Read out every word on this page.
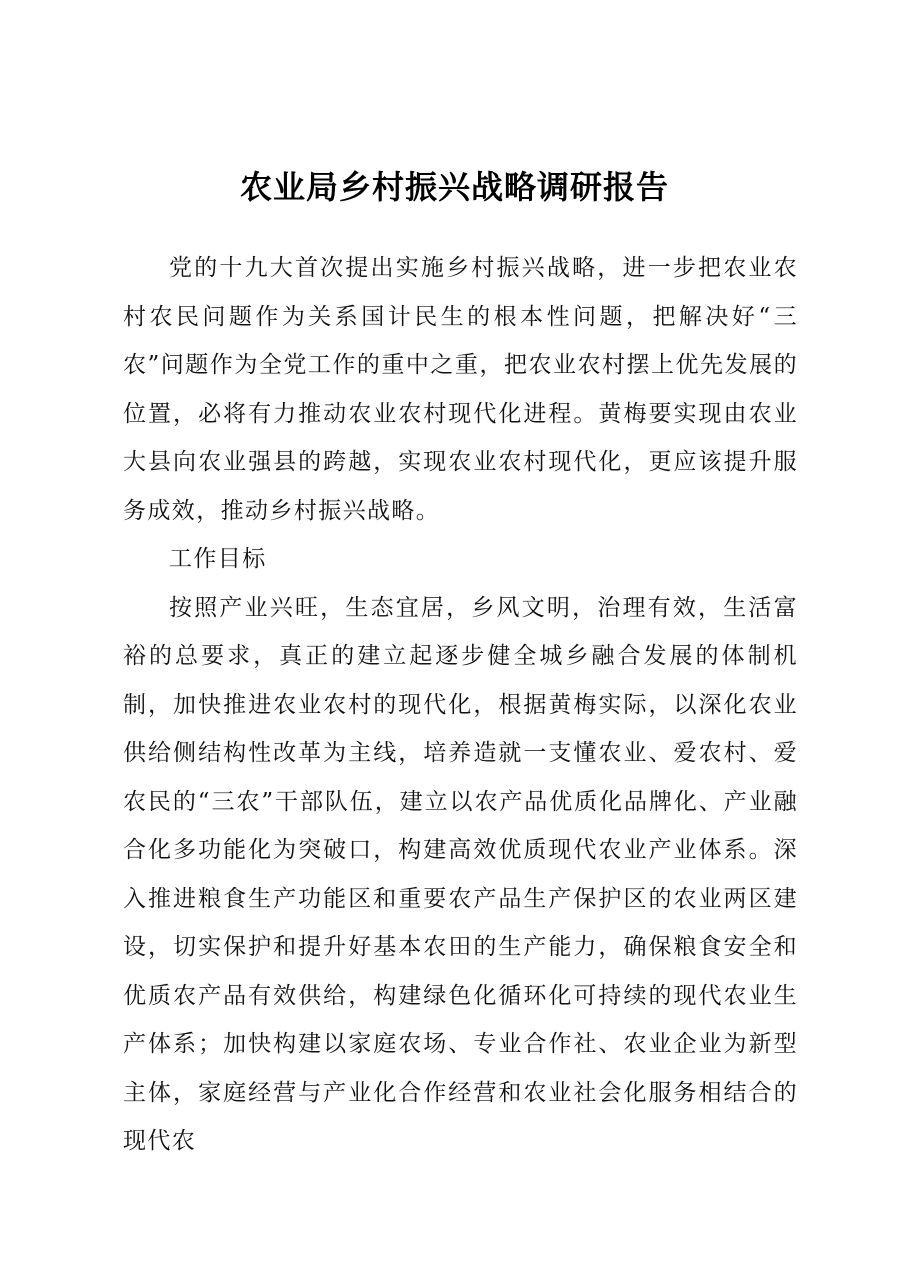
农业局乡村振兴战略调研报告

党的十九大首次提出实施乡村振兴战略，进一步把农业农村农民问题作为关系国计民生的根本性问题，把解决好“三农”问题作为全党工作的重中之重，把农业农村摆上优先发展的位置，必将有力推动农业农村现代化进程。黄梅要实现由农业大县向农业强县的跨越，实现农业农村现代化，更应该提升服务成效，推动乡村振兴战略。

工作目标

按照产业兴旺，生态宜居，乡风文明，治理有效，生活富裕的总要求，真正的建立起逐步健全城乡融合发展的体制机制，加快推进农业农村的现代化，根据黄梅实际，以深化农业供给侧结构性改革为主线，培养造就一支懂农业、爱农村、爱农民的“三农”干部队伍，建立以农产品优质化品牌化、产业融合化多功能化为突破口，构建高效优质现代农业产业体系。深入推进粮食生产功能区和重要农产品生产保护区的农业两区建设，切实保护和提升好基本农田的生产能力，确保粮食安全和优质农产品有效供给，构建绿色化循环化可持续的现代农业生产体系；加快构建以家庭农场、专业合作社、农业企业为新型主体，家庭经营与产业化合作经营和农业社会化服务相结合的现代农
